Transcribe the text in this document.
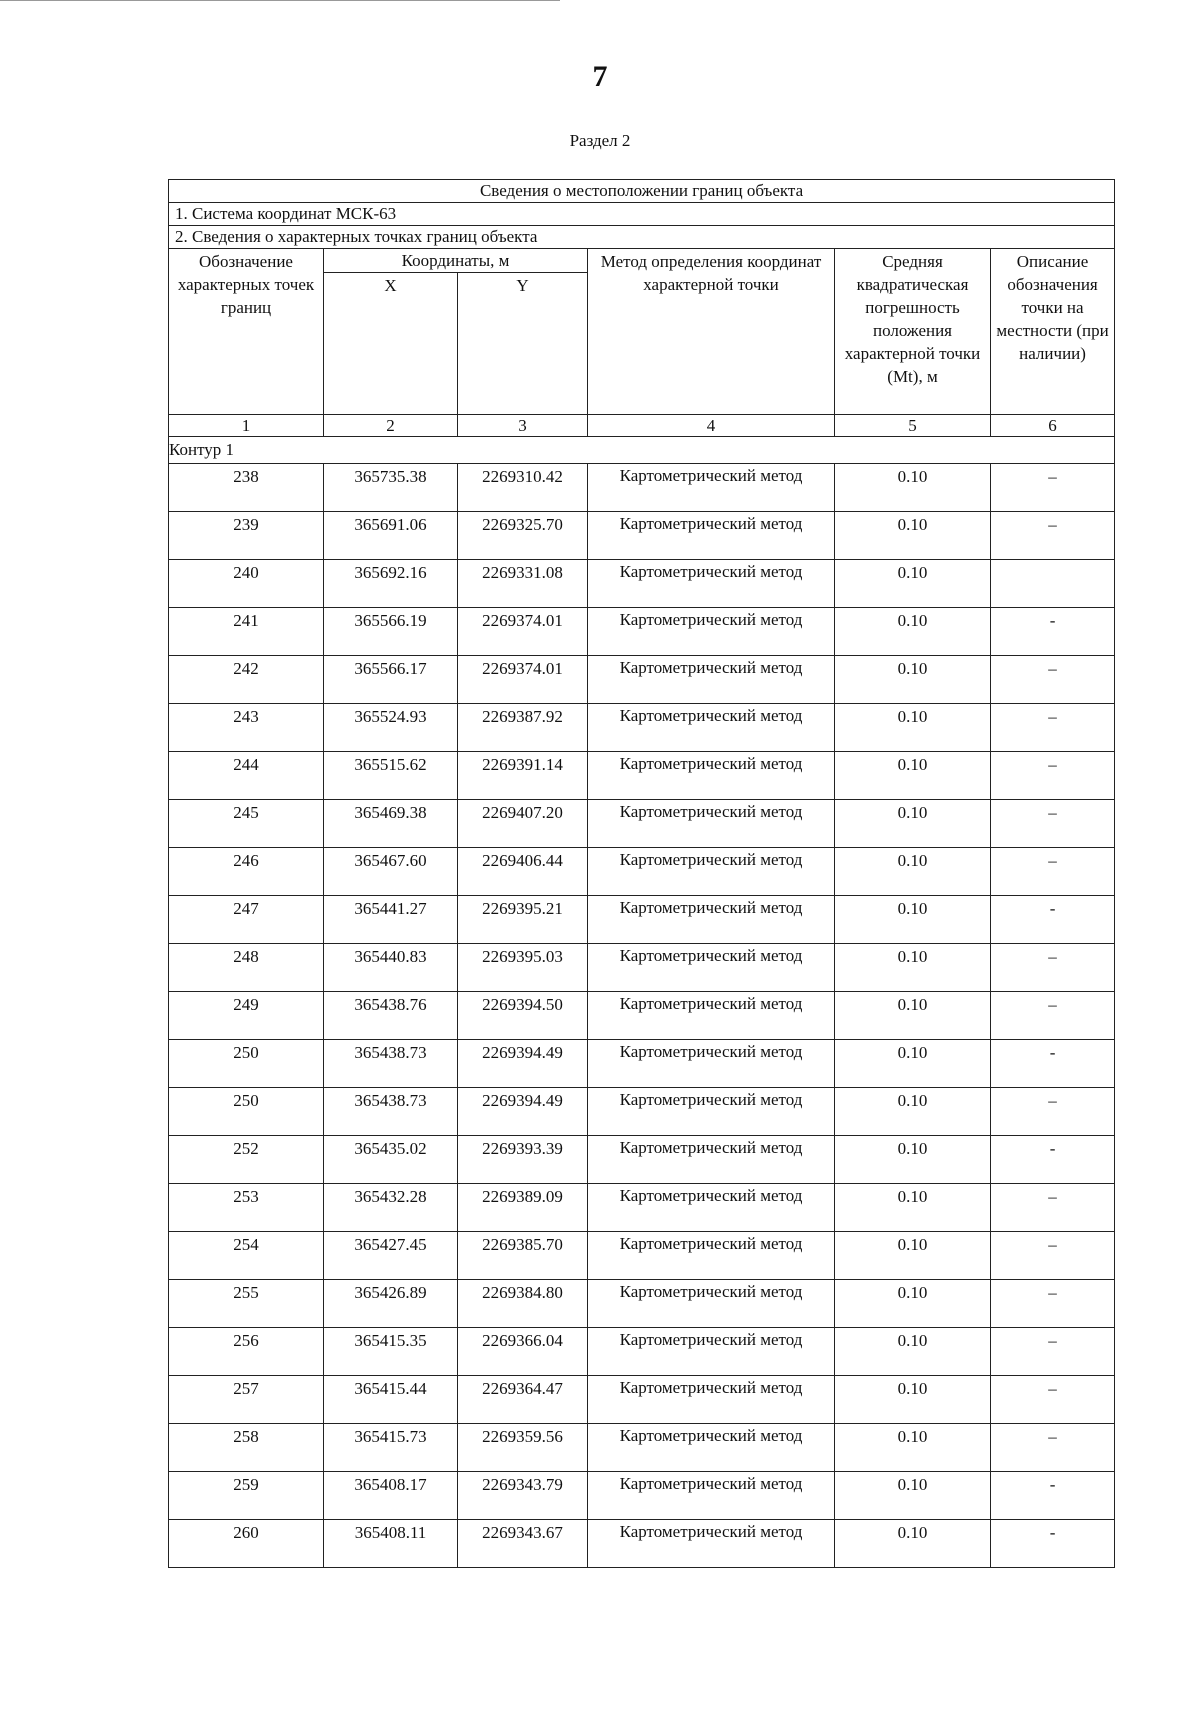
7
Раздел 2
Сведения о местоположении границ объекта					
1. Система координат МСК-63					
2. Сведения о характерных точках границ объекта					
Обозначение характерных точек границ	Координаты, м		Метод определения координат характерной точки	Средняя квадратическая погрешность положения характерной точки (Mt), м	Описание обозначения точки на местности (при наличии)
	X	Y			
1	2	3	4	5	6
Контур 1					
238	365735.38	2269310.42	Картометрический метод	0.10	–
239	365691.06	2269325.70	Картометрический метод	0.10	–
240	365692.16	2269331.08	Картометрический метод	0.10	
241	365566.19	2269374.01	Картометрический метод	0.10	-
242	365566.17	2269374.01	Картометрический метод	0.10	–
243	365524.93	2269387.92	Картометрический метод	0.10	–
244	365515.62	2269391.14	Картометрический метод	0.10	–
245	365469.38	2269407.20	Картометрический метод	0.10	–
246	365467.60	2269406.44	Картометрический метод	0.10	–
247	365441.27	2269395.21	Картометрический метод	0.10	-
248	365440.83	2269395.03	Картометрический метод	0.10	–
249	365438.76	2269394.50	Картометрический метод	0.10	–
250	365438.73	2269394.49	Картометрический метод	0.10	-
250	365438.73	2269394.49	Картометрический метод	0.10	–
252	365435.02	2269393.39	Картометрический метод	0.10	-
253	365432.28	2269389.09	Картометрический метод	0.10	–
254	365427.45	2269385.70	Картометрический метод	0.10	–
255	365426.89	2269384.80	Картометрический метод	0.10	–
256	365415.35	2269366.04	Картометрический метод	0.10	–
257	365415.44	2269364.47	Картометрический метод	0.10	–
258	365415.73	2269359.56	Картометрический метод	0.10	–
259	365408.17	2269343.79	Картометрический метод	0.10	-
260	365408.11	2269343.67	Картометрический метод	0.10	-
